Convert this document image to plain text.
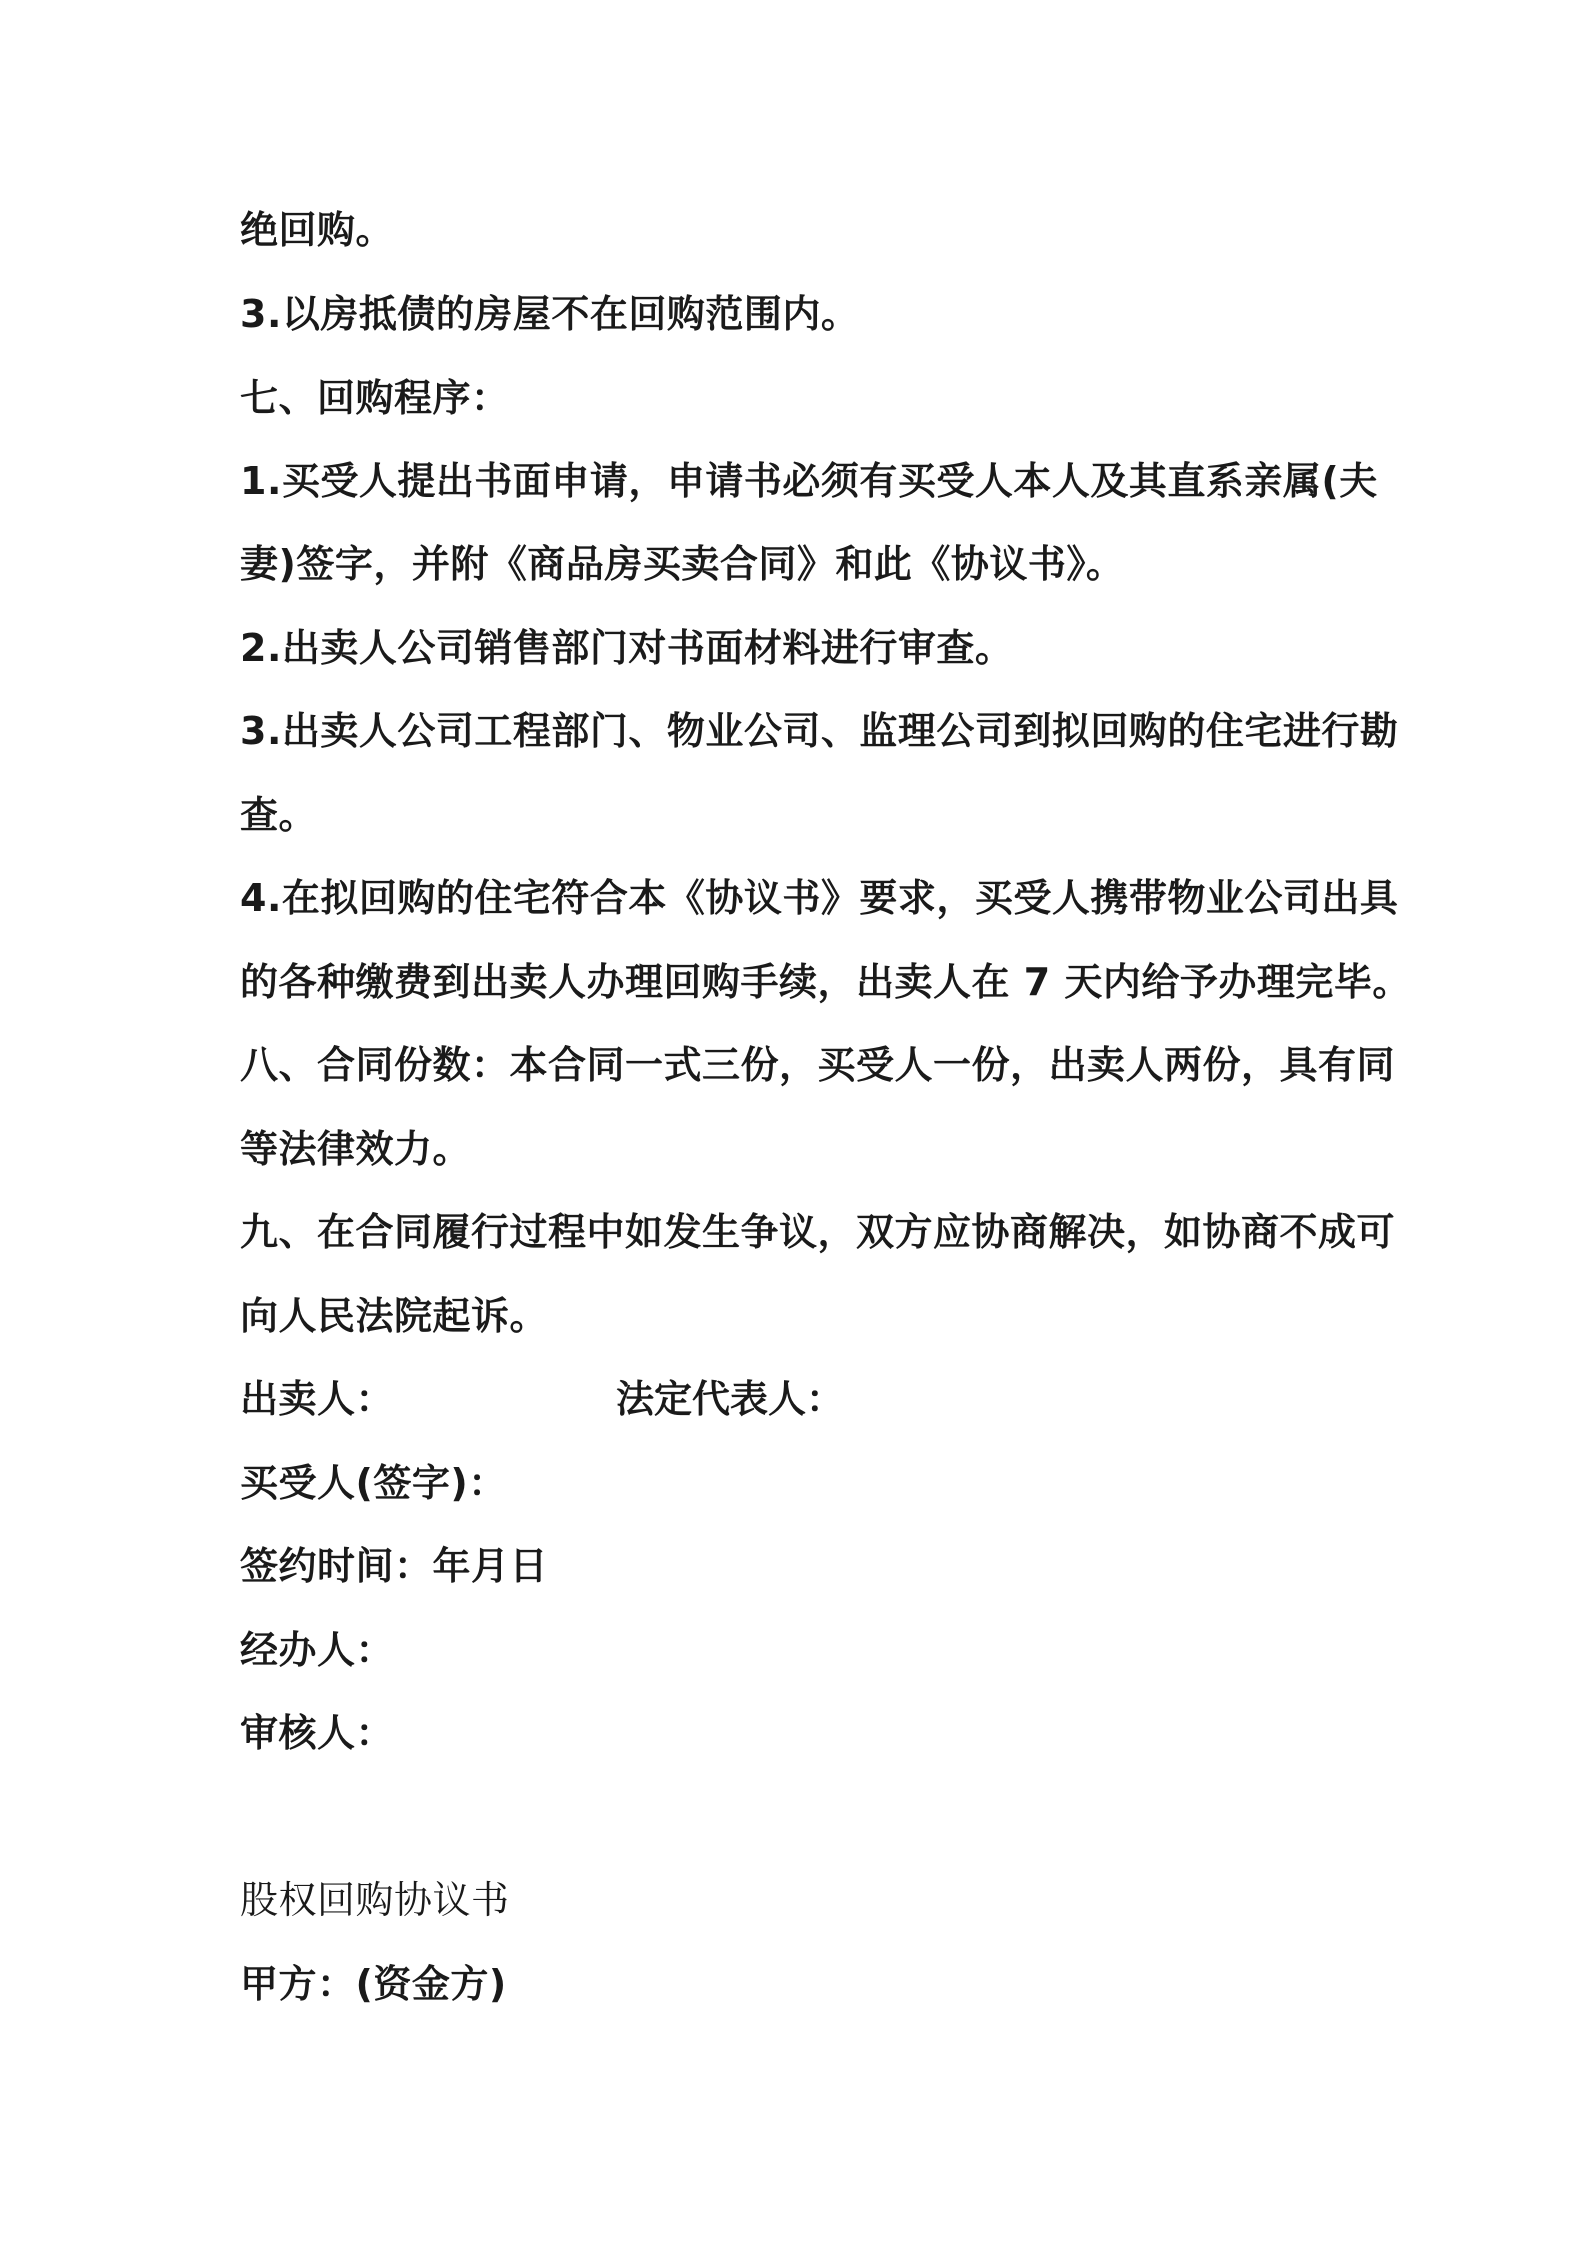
绝回购。
3.以房抵债的房屋不在回购范围内。
七、回购程序：
1.买受人提出书面申请，申请书必须有买受人本人及其直系亲属(夫
妻)签字，并附《商品房买卖合同》和此《协议书》。
2.出卖人公司销售部门对书面材料进行审查。
3.出卖人公司工程部门、物业公司、监理公司到拟回购的住宅进行勘
查。
4.在拟回购的住宅符合本《协议书》要求，买受人携带物业公司出具
的各种缴费到出卖人办理回购手续，出卖人在 7 天内给予办理完毕。
八、合同份数：本合同一式三份，买受人一份，出卖人两份，具有同
等法律效力。
九、在合同履行过程中如发生争议，双方应协商解决，如协商不成可
向人民法院起诉。
出卖人：	法定代表人：
买受人(签字)：
签约时间：年月日
经办人：
审核人：
股权回购协议书
甲方：(资金方)
